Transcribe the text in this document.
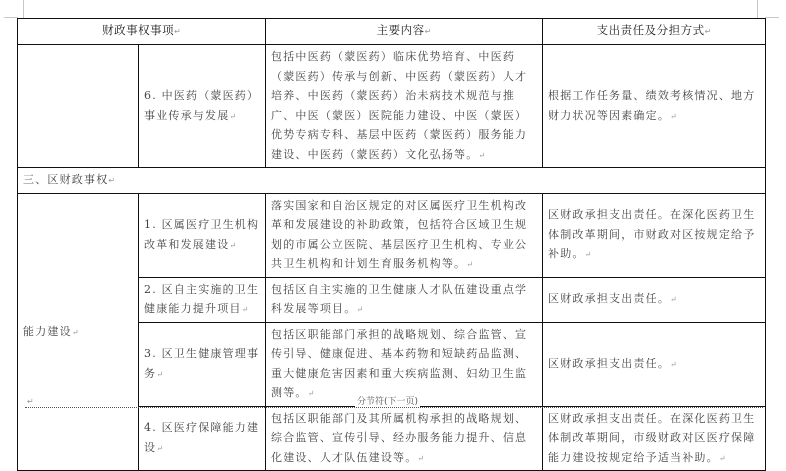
财政事权事项↵		主要内容↵	支出责任及分担方式↵
	6. 中医药（蒙医药）事业传承与发展↵	包括中医药（蒙医药）临床优势培育、中医药（蒙医药）传承与创新、中医药（蒙医药）人才培养、中医药（蒙医药）治未病技术规范与推广、中医（蒙医）医院能力建设、中医（蒙医）优势专病专科、基层中医药（蒙医药）服务能力建设、中医药（蒙医药）文化弘扬等。↵	根据工作任务量、绩效考核情况、地方财力状况等因素确定。↵
三、区财政事权↵			
能力建设↵	1. 区属医疗卫生机构改革和发展建设↵	落实国家和自治区规定的对区属医疗卫生机构改革和发展建设的补助政策，包括符合区域卫生规划的市属公立医院、基层医疗卫生机构、专业公共卫生机构和计划生育服务机构等。↵	区财政承担支出责任。在深化医药卫生体制改革期间，市财政对区按规定给予补助。↵
	2. 区自主实施的卫生健康能力提升项目↵	包括区自主实施的卫生健康人才队伍建设重点学科发展等项目。↵	区财政承担支出责任。↵
	3. 区卫生健康管理事务↵	包括区职能部门承担的战略规划、综合监管、宣传引导、健康促进、基本药物和短缺药品监测、重大健康危害因素和重大疾病监测、妇幼卫生监测等。↵	区财政承担支出责任。↵
	4. 区医疗保障能力建设↵	包括区职能部门及其所属机构承担的战略规划、综合监管、宣传引导、经办服务能力提升、信息化建设、人才队伍建设等。↵	区财政承担支出责任。在深化医药卫生体制改革期间，市级财政对区医疗保障能力建设按规定给予适当补助。↵
↵	分节符(下一页)
